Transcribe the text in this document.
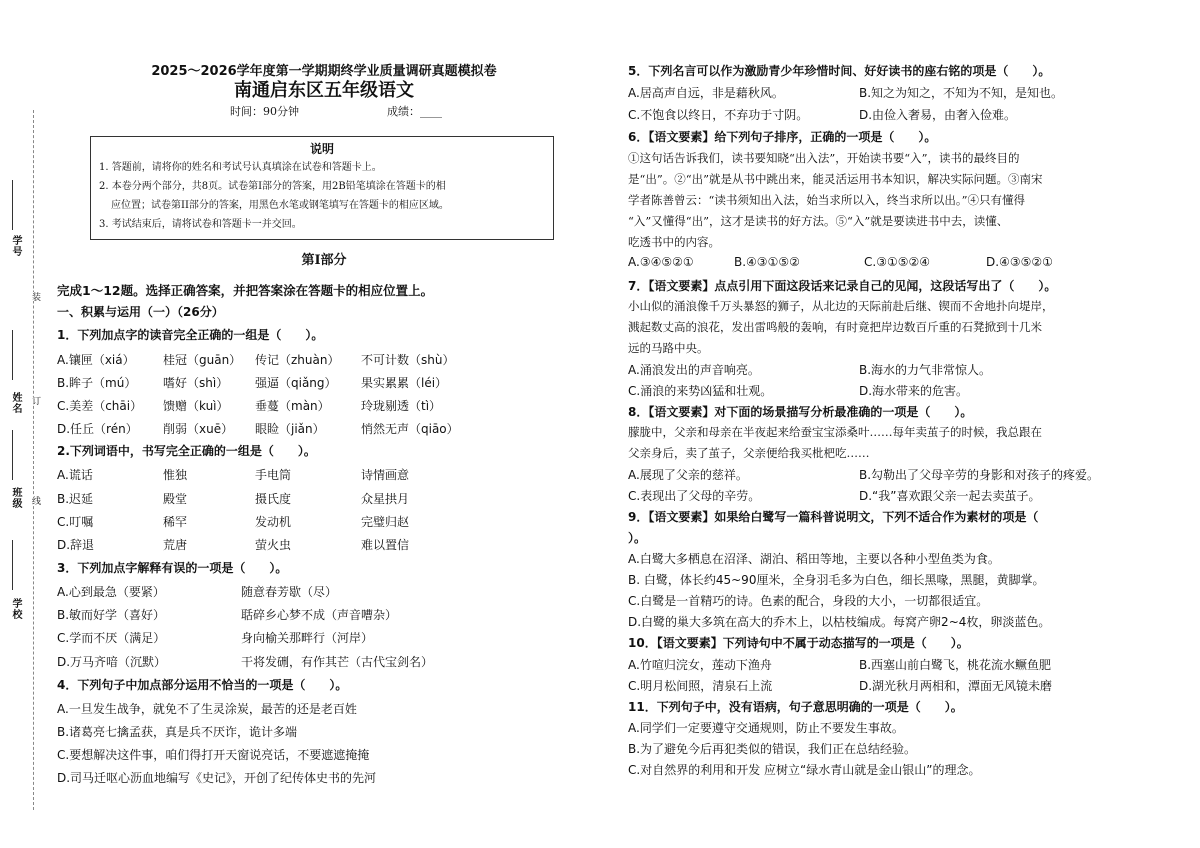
学号
姓名
班级
学校
装
订
线
2025～2026学年度第一学期期终学业质量调研真题模拟卷
南通启东区五年级语文
时间：90分钟	成绩：____
说明
1. 答题前，请将你的姓名和考试号认真填涂在试卷和答题卡上。
2. 本卷分两个部分，共8页。试卷第I部分的答案，用2B铅笔填涂在答题卡的相
应位置；试卷第II部分的答案，用黑色水笔或钢笔填写在答题卡的相应区域。
3. 考试结束后，请将试卷和答题卡一并交回。
第Ⅰ部分
完成1～12题。选择正确答案，并把答案涂在答题卡的相应位置上。
一、积累与运用（一）（26分）
1．下列加点字的读音完全正确的一组是（　　）。
A.镶匣（xiá） 桂冠（guān） 传记（zhuàn） 不可计数（shù）
B.眸子（mú） 嗜好（shì） 强逼（qiǎng） 果实累累（léi）
C.美差（chāi） 馈赠（kuì） 垂蔓（màn）	玲珑剔透（tì）
D.任丘（rén） 削弱（xuē） 眼睑（jiǎn）	悄然无声（qiāo）
2.下列词语中，书写完全正确的一组是（　　）。
A.谎话	惟独	手电筒	诗情画意
B.迟延	殿堂	摄氏度	众星拱月
C.叮嘱	稀罕	发动机	完璧归赵
D.辞退	荒唐	萤火虫	难以置信
3．下列加点字解释有误的一项是（　　）。
A.心到最急（要紧）	随意春芳歇（尽）
B.敏而好学（喜好）	聒碎乡心梦不成（声音嘈杂）
C.学而不厌（满足）	身向榆关那畔行（河岸）
D.万马齐喑（沉默）	干将发硎，有作其芒（古代宝剑名）
4．下列句子中加点部分运用不恰当的一项是（　　）。
A.一旦发生战争，就免不了生灵涂炭，最苦的还是老百姓
B.诸葛亮七擒孟获，真是兵不厌诈，诡计多端
C.要想解决这件事，咱们得打开天窗说亮话，不要遮遮掩掩
D.司马迁呕心沥血地编写《史记》，开创了纪传体史书的先河
5．下列名言可以作为激励青少年珍惜时间、好好读书的座右铭的项是（　　）。
A.居高声自远，非是藉秋风。	B.知之为知之，不知为不知，是知也。
C.不饱食以终日，不弃功于寸阴。	D.由俭入奢易，由奢入俭难。
6．【语文要素】给下列句子排序，正确的一项是（　　）。
①这句话告诉我们，读书要知晓“出入法”，开始读书要“入”，读书的最终目的
是“出”。②“出”就是从书中跳出来，能灵活运用书本知识，解决实际问题。③南宋
学者陈善曾云：“读书须知出入法，始当求所以入，终当求所以出。”④只有懂得
“入”又懂得“出”，这才是读书的好方法。⑤“入”就是要读进书中去，读懂、
吃透书中的内容。
A.③④⑤②①	B.④③①⑤②	C.③①⑤②④	D.④③⑤②①
7．【语文要素】点点引用下面这段话来记录自己的见闻，这段话写出了（　　）。
小山似的涌浪像千万头暴怒的狮子，从北边的天际前赴后继、锲而不舍地扑向堤岸，
溅起数丈高的浪花，发出雷鸣般的轰响，有时竟把岸边数百斤重的石凳掀到十几米
远的马路中央。
A.涌浪发出的声音响亮。	B.海水的力气非常惊人。
C.涌浪的来势凶猛和壮观。	D.海水带来的危害。
8．【语文要素】对下面的场景描写分析最准确的一项是（　　）。
朦胧中，父亲和母亲在半夜起来给蚕宝宝添桑叶……每年卖茧子的时候，我总跟在
父亲身后，卖了茧子，父亲便给我买枇杷吃……
A.展现了父亲的慈祥。	B.勾勒出了父母辛劳的身影和对孩子的疼爱。
C.表现出了父母的辛劳。	D.“我”喜欢跟父亲一起去卖茧子。
9．【语文要素】如果给白鹭写一篇科普说明文，下列不适合作为素材的项是（
）。
A.白鹭大多栖息在沼泽、湖泊、稻田等地，主要以各种小型鱼类为食。
B. 白鹭，体长约45~90厘米，全身羽毛多为白色，细长黑喙，黑腿，黄脚掌。
C.白鹭是一首精巧的诗。色素的配合，身段的大小，一切都很适宜。
D.白鹭的巢大多筑在高大的乔木上，以枯枝编成。每窝产卵2~4枚，卵淡蓝色。
10．【语文要素】下列诗句中不属于动态描写的一项是（　　）。
A.竹喧归浣女，莲动下渔舟	B.西塞山前白鹭飞，桃花流水鳜鱼肥
C.明月松间照，清泉石上流	D.湖光秋月两相和，潭面无风镜未磨
11．下列句子中，没有语病，句子意思明确的一项是（　　）。
A.同学们一定要遵守交通规则，防止不要发生事故。
B.为了避免今后再犯类似的错误，我们正在总结经验。
C.对自然界的利用和开发 应树立“绿水青山就是金山银山”的理念。
